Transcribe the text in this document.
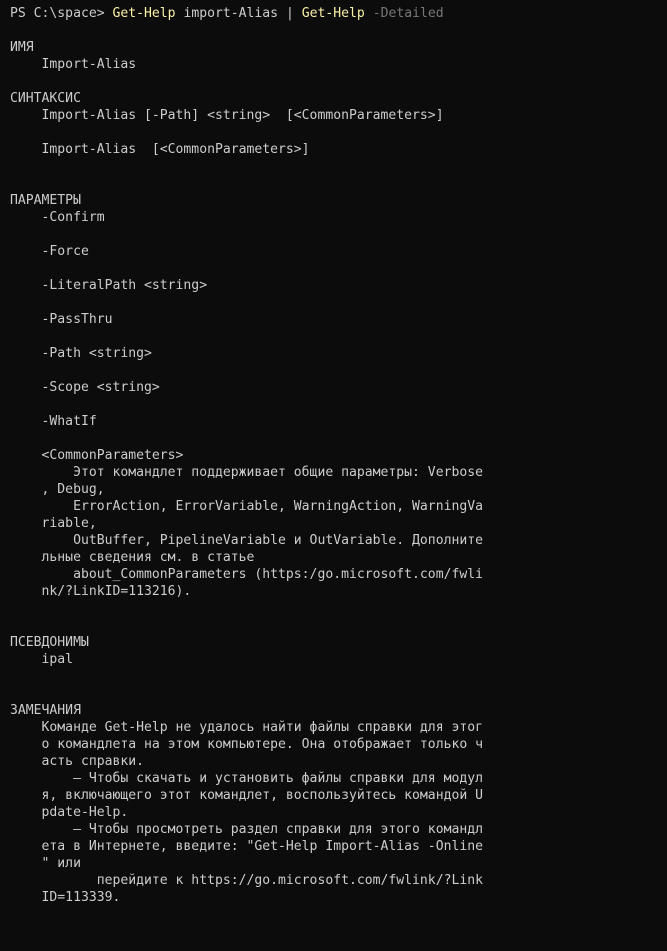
PS C:\space> Get-Help import-Alias | Get-Help -Detailed
ИМЯ
Import-Alias
СИНТАКСИС
Import-Alias [-Path] <string>  [<CommonParameters>]
Import-Alias  [<CommonParameters>]
ПАРАМЕТРЫ
-Confirm
-Force
-LiteralPath <string>
-PassThru
-Path <string>
-Scope <string>
-WhatIf
<CommonParameters>
Этот командлет поддерживает общие параметры: Verbose
, Debug,
ErrorAction, ErrorVariable, WarningAction, WarningVa
riable,
OutBuffer, PipelineVariable и OutVariable. Дополните
льные сведения см. в статье
about_CommonParameters (https:/go.microsoft.com/fwli
nk/?LinkID=113216).
ПСЕВДОНИМЫ
ipal
ЗАМЕЧАНИЯ
Команде Get-Help не удалось найти файлы справки для этог
о командлета на этом компьютере. Она отображает только ч
асть справки.
— Чтобы скачать и установить файлы справки для модул
я, включающего этот командлет, воспользуйтесь командой U
pdate-Help.
— Чтобы просмотреть раздел справки для этого командл
ета в Интернете, введите: "Get-Help Import-Alias -Online
" или
перейдите к https://go.microsoft.com/fwlink/?Link
ID=113339.
